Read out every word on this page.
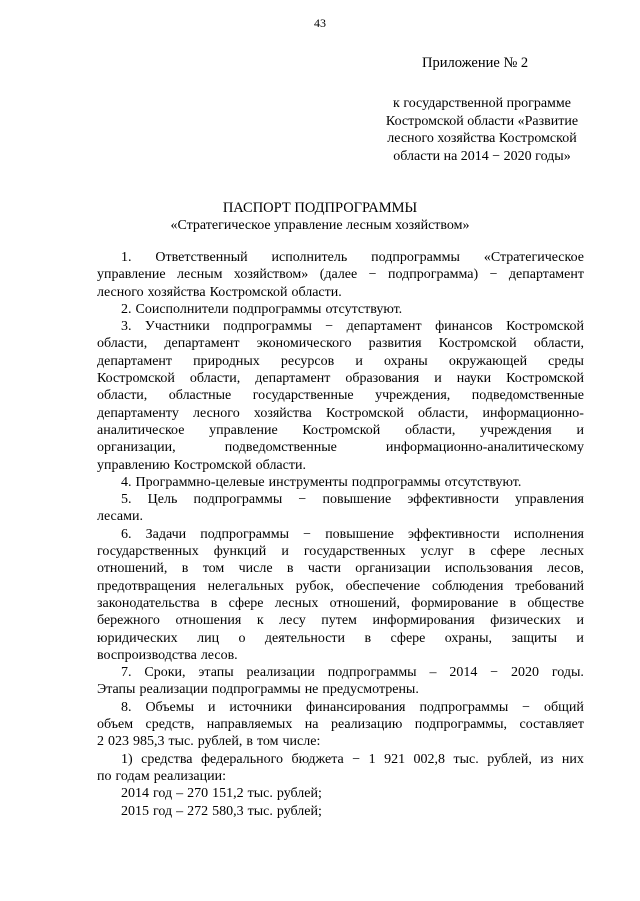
43
Приложение № 2
к государственной программе
Костромской области «Развитие
лесного хозяйства Костромской
области на 2014 − 2020 годы»
ПАСПОРТ ПОДПРОГРАММЫ
«Стратегическое управление лесным хозяйством»
1. Ответственный исполнитель подпрограммы «Стратегическое
управление лесным хозяйством» (далее − подпрограмма) − департамент
лесного хозяйства Костромской области.
2. Соисполнители подпрограммы отсутствуют.
3. Участники подпрограммы − департамент финансов Костромской
области, департамент экономического развития Костромской области,
департамент природных ресурсов и охраны окружающей среды
Костромской области, департамент образования и науки Костромской
области, областные государственные учреждения, подведомственные
департаменту лесного хозяйства Костромской области, информационно-
аналитическое управление Костромской области, учреждения и
организации,	подведомственные	информационно-аналитическому
управлению Костромской области.
4. Программно-целевые инструменты подпрограммы отсутствуют.
5. Цель подпрограммы − повышение эффективности управления
лесами.
6. Задачи подпрограммы − повышение эффективности исполнения
государственных функций и государственных услуг в сфере лесных
отношений, в том числе в части организации использования лесов,
предотвращения нелегальных рубок, обеспечение соблюдения требований
законодательства в сфере лесных отношений, формирование в обществе
бережного отношения к лесу путем информирования физических и
юридических лиц о деятельности в сфере охраны, защиты и
воспроизводства лесов.
7. Сроки, этапы реализации подпрограммы – 2014 − 2020 годы.
Этапы реализации подпрограммы не предусмотрены.
8. Объемы и источники финансирования подпрограммы − общий
объем средств, направляемых на реализацию подпрограммы, составляет
2 023 985,3 тыс. рублей, в том числе:
1) средства федерального бюджета − 1 921 002,8 тыс. рублей, из них
по годам реализации:
2014 год – 270 151,2 тыс. рублей;
2015 год – 272 580,3 тыс. рублей;
